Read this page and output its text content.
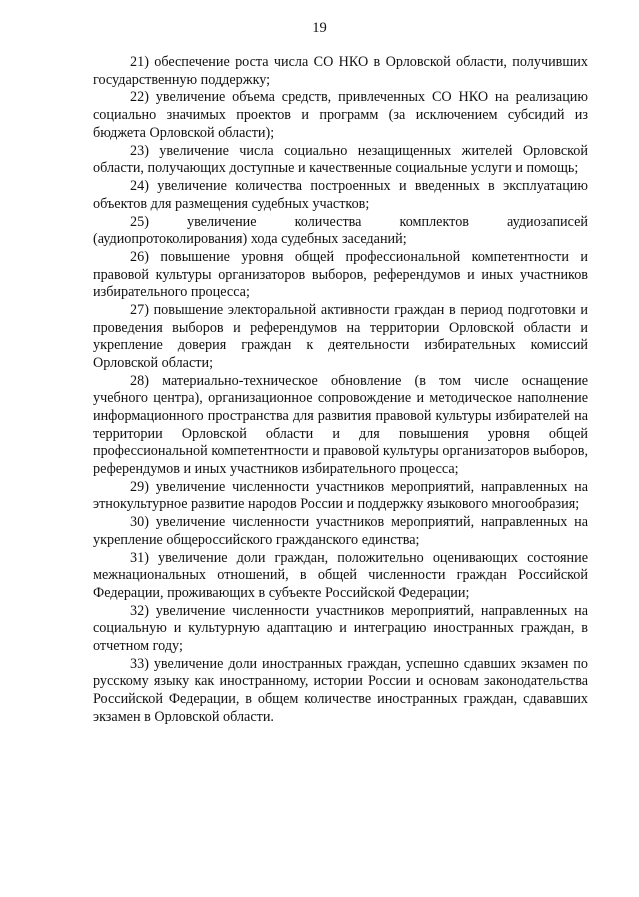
19

21) обеспечение роста числа СО НКО в Орловской области, получивших государственную поддержку;

22) увеличение объема средств, привлеченных СО НКО на реализацию социально значимых проектов и программ (за исключением субсидий из бюджета Орловской области);

23) увеличение числа социально незащищенных жителей Орловской области, получающих доступные и качественные социальные услуги и помощь;

24) увеличение количества построенных и введенных в эксплуатацию объектов для размещения судебных участков;

25) увеличение количества комплектов аудиозаписей (аудиопротоколирования) хода судебных заседаний;

26) повышение уровня общей профессиональной компетентности и правовой культуры организаторов выборов, референдумов и иных участников избирательного процесса;

27) повышение электоральной активности граждан в период подготовки и проведения выборов и референдумов на территории Орловской области и укрепление доверия граждан к деятельности избирательных комиссий Орловской области;

28) материально-техническое обновление (в том числе оснащение учебного центра), организационное сопровождение и методическое наполнение информационного пространства для развития правовой культуры избирателей на территории Орловской области и для повышения уровня общей профессиональной компетентности и правовой культуры организаторов выборов, референдумов и иных участников избирательного процесса;

29) увеличение численности участников мероприятий, направленных на этнокультурное развитие народов России и поддержку языкового многообразия;

30) увеличение численности участников мероприятий, направленных на укрепление общероссийского гражданского единства;

31) увеличение доли граждан, положительно оценивающих состояние межнациональных отношений, в общей численности граждан Российской Федерации, проживающих в субъекте Российской Федерации;

32) увеличение численности участников мероприятий, направленных на социальную и культурную адаптацию и интеграцию иностранных граждан, в отчетном году;

33) увеличение доли иностранных граждан, успешно сдавших экзамен по русскому языку как иностранному, истории России и основам законодательства Российской Федерации, в общем количестве иностранных граждан, сдававших экзамен в Орловской области.
